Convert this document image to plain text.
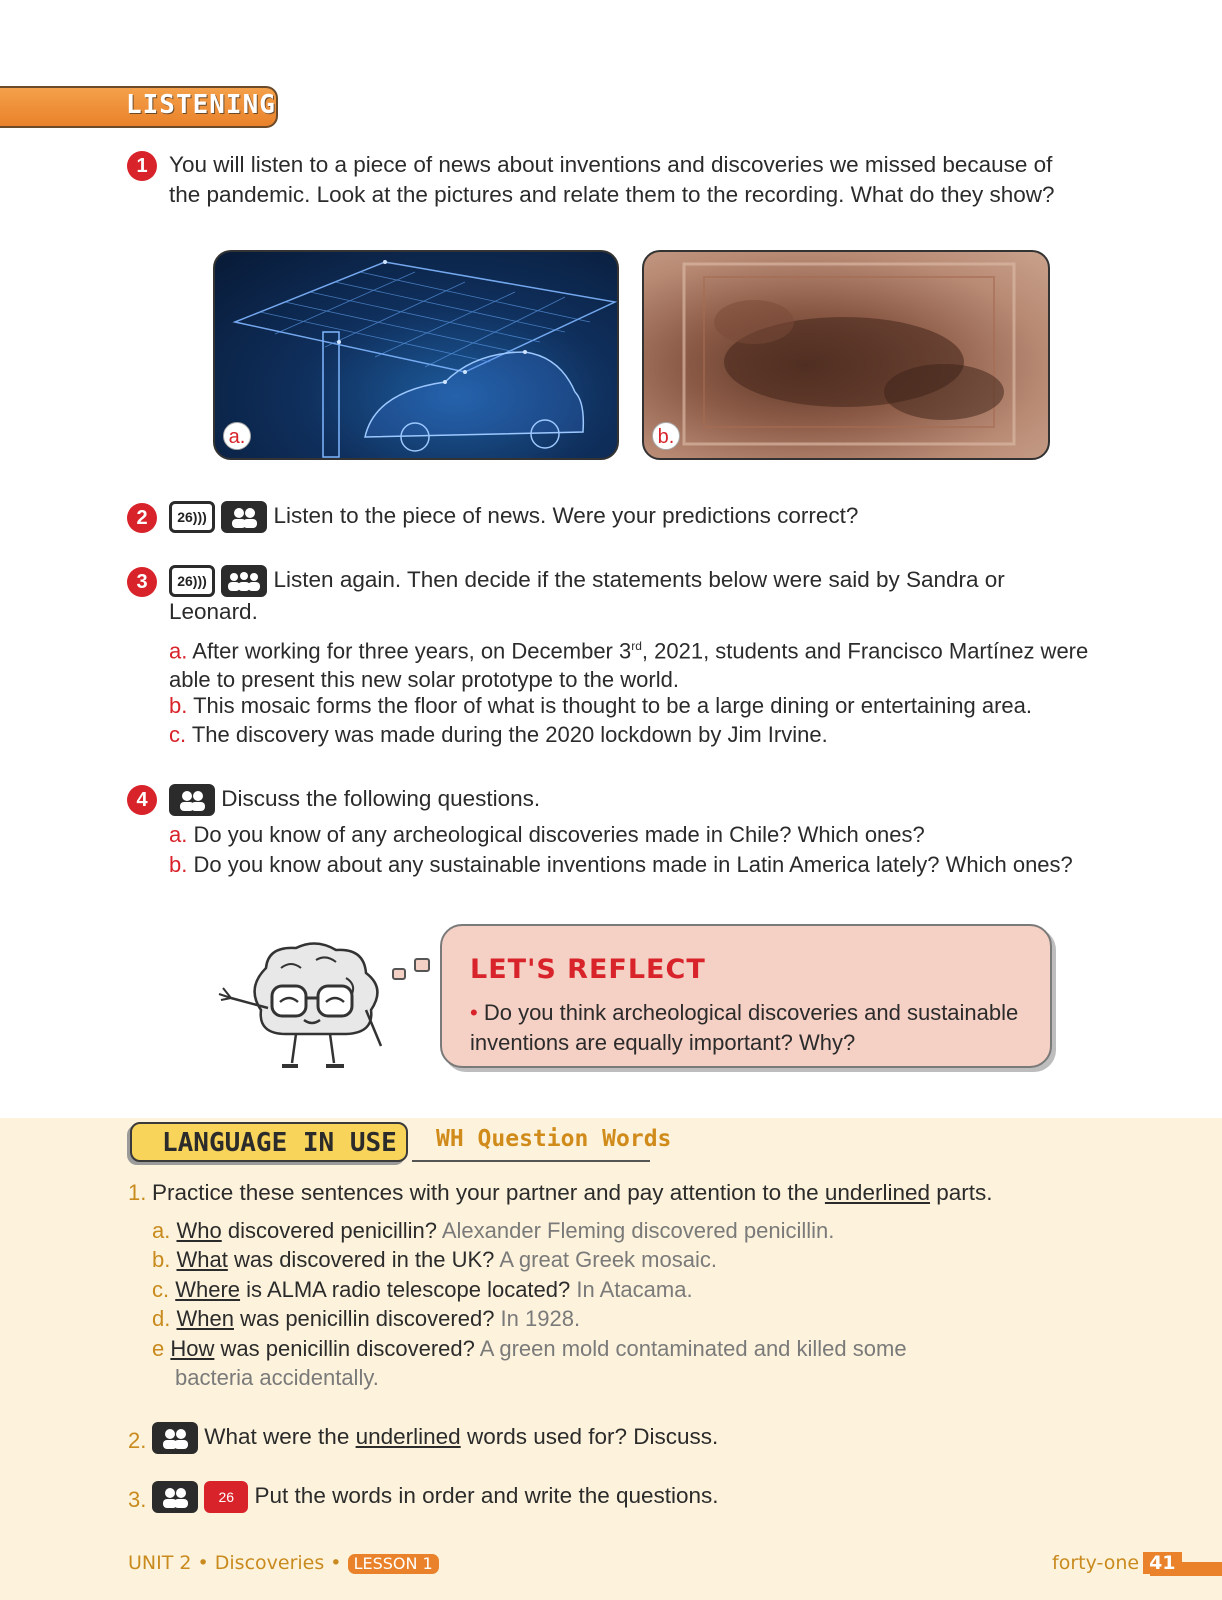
LISTENING
1 You will listen to a piece of news about inventions and discoveries we missed because of the pandemic. Look at the pictures and relate them to the recording. What do they show?
a.	b.
2	26)))	Listen to the piece of news. Were your predictions correct?
3	26)))	Listen again. Then decide if the statements below were said by Sandra or Leonard.
a. After working for three years, on December 3rd, 2021, students and Francisco Martínez were able to present this new solar prototype to the world.
b. This mosaic forms the floor of what is thought to be a large dining or entertaining area.
c. The discovery was made during the 2020 lockdown by Jim Irvine.
4	Discuss the following questions.
a. Do you know of any archeological discoveries made in Chile? Which ones?
b. Do you know about any sustainable inventions made in Latin America lately? Which ones?
LET'S REFLECT
• Do you think archeological discoveries and sustainable inventions are equally important? Why?
LANGUAGE IN USE WH Question Words
1. Practice these sentences with your partner and pay attention to the underlined parts.
a. Who discovered penicillin? Alexander Fleming discovered penicillin.
b. What was discovered in the UK? A great Greek mosaic.
c. Where is ALMA radio telescope located? In Atacama.
d. When was penicillin discovered? In 1928.
e How was penicillin discovered? A green mold contaminated and killed some
bacteria accidentally.
2.	What were the underlined words used for? Discuss.
3.	26 Put the words in order and write the questions.
UNIT 2 • Discoveries • LESSON 1	forty-one 41
